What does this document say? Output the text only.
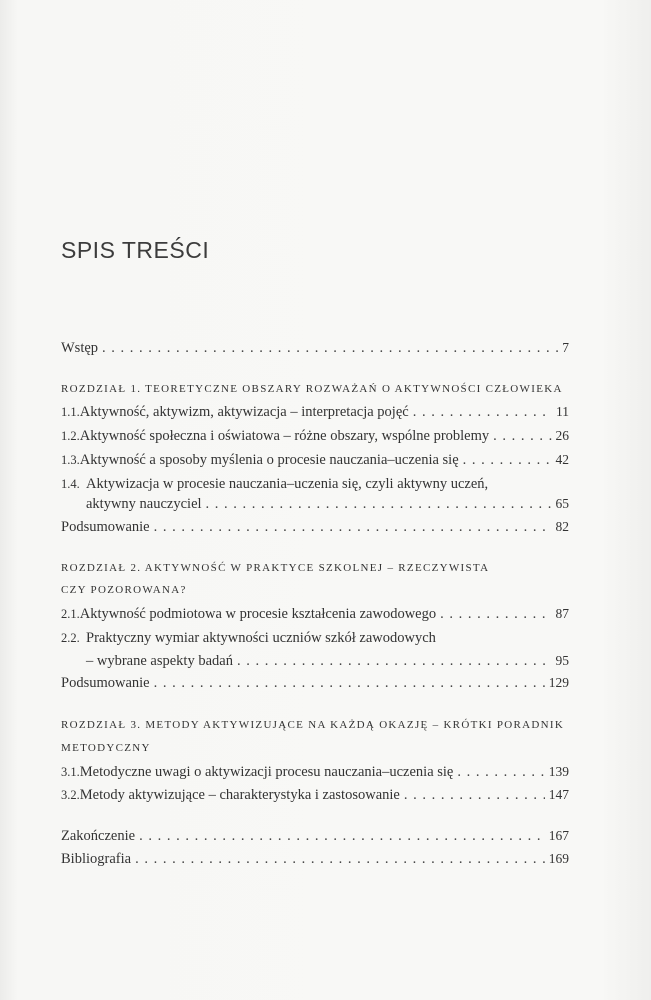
SPIS TREŚCI
Wstęp . . .	7
ROZDZIAŁ 1. TEORETYCZNE OBSZARY ROZWAŻAŃ O AKTYWNOŚCI CZŁOWIEKA
1.1. Aktywność, aktywizm, aktywizacja – interpretacja pojęć . . .	11
1.2. Aktywność społeczna i oświatowa – różne obszary, wspólne problemy . . .	26
1.3. Aktywność a sposoby myślenia o procesie nauczania–uczenia się . . .	42
1.4. Aktywizacja w procesie nauczania–uczenia się, czyli aktywny uczeń,
aktywny nauczyciel . . .	65
Podsumowanie . . .	82
ROZDZIAŁ 2. AKTYWNOŚĆ W PRAKTYCE SZKOLNEJ – RZECZYWISTA
CZY POZOROWANA?
2.1. Aktywność podmiotowa w procesie kształcenia zawodowego . . .	87
2.2. Praktyczny wymiar aktywności uczniów szkół zawodowych
– wybrane aspekty badań . . .	95
Podsumowanie . . .	129
ROZDZIAŁ 3. METODY AKTYWIZUJĄCE NA KAŻDĄ OKAZJĘ – KRÓTKI PORADNIK
METODYCZNY
3.1. Metodyczne uwagi o aktywizacji procesu nauczania–uczenia się . . .	139
3.2. Metody aktywizujące – charakterystyka i zastosowanie . . .	147
Zakończenie . . .	167
Bibliografia . . .	169
